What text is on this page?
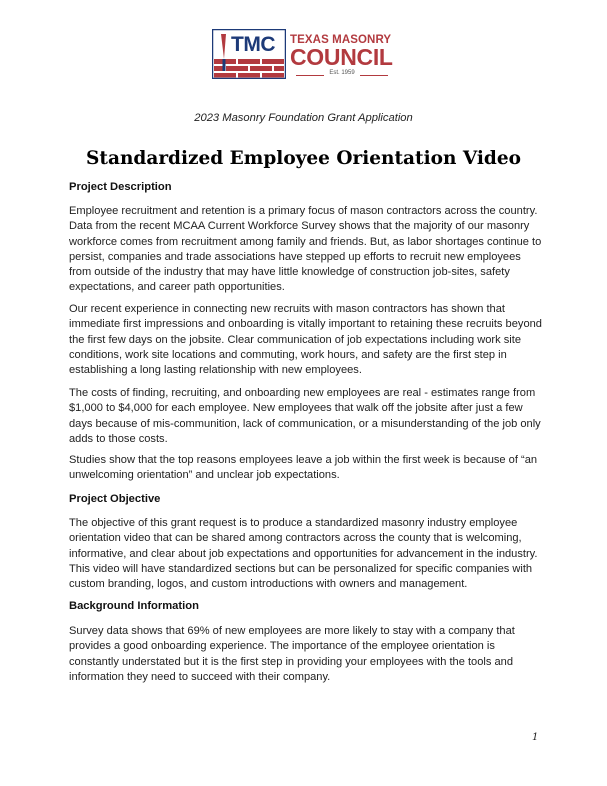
TMC TEXAS MASONRY
COUNCIL
Est. 1959
2023 Masonry Foundation Grant Application
Standardized Employee Orientation Video
Project Description

Employee recruitment and retention is a primary focus of mason contractors across the country. Data from the recent MCAA Current Workforce Survey shows that the majority of our masonry workforce comes from recruitment among family and friends. But, as labor shortages continue to persist, companies and trade associations have stepped up efforts to recruit new employees from outside of the industry that may have little knowledge of construction job-sites, safety expectations, and career path opportunities.

Our recent experience in connecting new recruits with mason contractors has shown that immediate first impressions and onboarding is vitally important to retaining these recruits beyond the first few days on the jobsite. Clear communication of job expectations including work site conditions, work site locations and commuting, work hours, and safety are the first step in establishing a long lasting relationship with new employees.

The costs of finding, recruiting, and onboarding new employees are real - estimates range from $1,000 to $4,000 for each employee. New employees that walk off the jobsite after just a few days because of mis-communition, lack of communication, or a misunderstanding of the job only adds to those costs.

Studies show that the top reasons employees leave a job within the first week is because of “an unwelcoming orientation” and unclear job expectations.

Project Objective

The objective of this grant request is to produce a standardized masonry industry employee orientation video that can be shared among contractors across the county that is welcoming, informative, and clear about job expectations and opportunities for advancement in the industry. This video will have standardized sections but can be personalized for specific companies with custom branding, logos, and custom introductions with owners and management.

Background Information

Survey data shows that 69% of new employees are more likely to stay with a company that provides a good onboarding experience. The importance of the employee orientation is constantly understated but it is the first step in providing your employees with the tools and information they need to succeed with their company.

1
